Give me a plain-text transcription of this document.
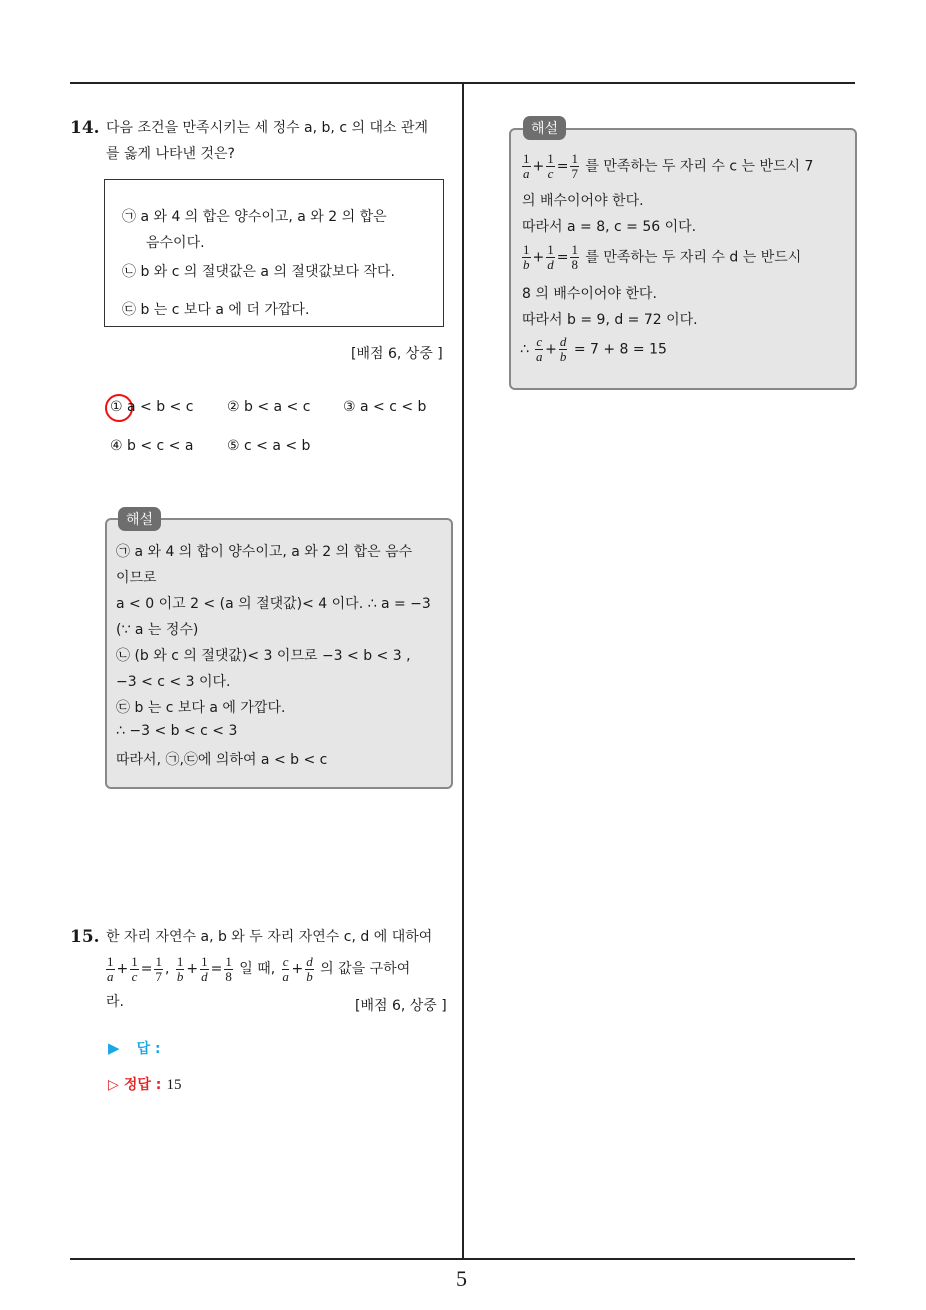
14. 다음 조건을 만족시키는 세 정수 a, b, c 의 대소 관계
를 옳게 나타낸 것은?
㉠ a 와 4 의 합은 양수이고, a 와 2 의 합은
음수이다.
㉡ b 와 c 의 절댓값은 a 의 절댓값보다 작다.
㉢ b 는 c 보다 a 에 더 가깝다.
[배점 6, 상중 ]
① a < b < c ② b < a < c ③ a < c < b
④ b < c < a ⑤ c < a < b
해설
㉠ a 와 4 의 합이 양수이고, a 와 2 의 합은 음수
이므로
a < 0 이고 2 < (a 의 절댓값)< 4 이다. ∴ a = −3
(∵ a 는 정수)
㉡ (b 와 c 의 절댓값)< 3 이므로 −3 < b < 3 ,
−3 < c < 3 이다.
㉢ b 는 c 보다 a 에 가깝다.
∴ −3 < b < c < 3
따라서, ㉠,㉢에 의하여 a < b < c
15. 한 자리 자연수 a, b 와 두 자리 자연수 c, d 에 대하여
$\frac{1}{a} + \frac{1}{c} = \frac{1}{7}$ , $\frac{1}{b} + \frac{1}{d} = \frac{1}{8}$ 일 때, $\frac{c}{a} + \frac{d}{b}$ 의 값을 구하여
라.	[배점 6, 상중 ]
▶ 답 :
▷ 정답 : 15
해설
$\frac{1}{a} + \frac{1}{c} = \frac{1}{7}$ 를 만족하는 두 자리 수 c 는 반드시 7
의 배수이어야 한다.
따라서 a = 8, c = 56 이다.
$\frac{1}{b} + \frac{1}{d} = \frac{1}{8}$ 를 만족하는 두 자리 수 d 는 반드시
8 의 배수이어야 한다.
따라서 b = 9, d = 72 이다.
∴ $\frac{c}{a} + \frac{d}{b} = 7 + 8 = 15$
5
